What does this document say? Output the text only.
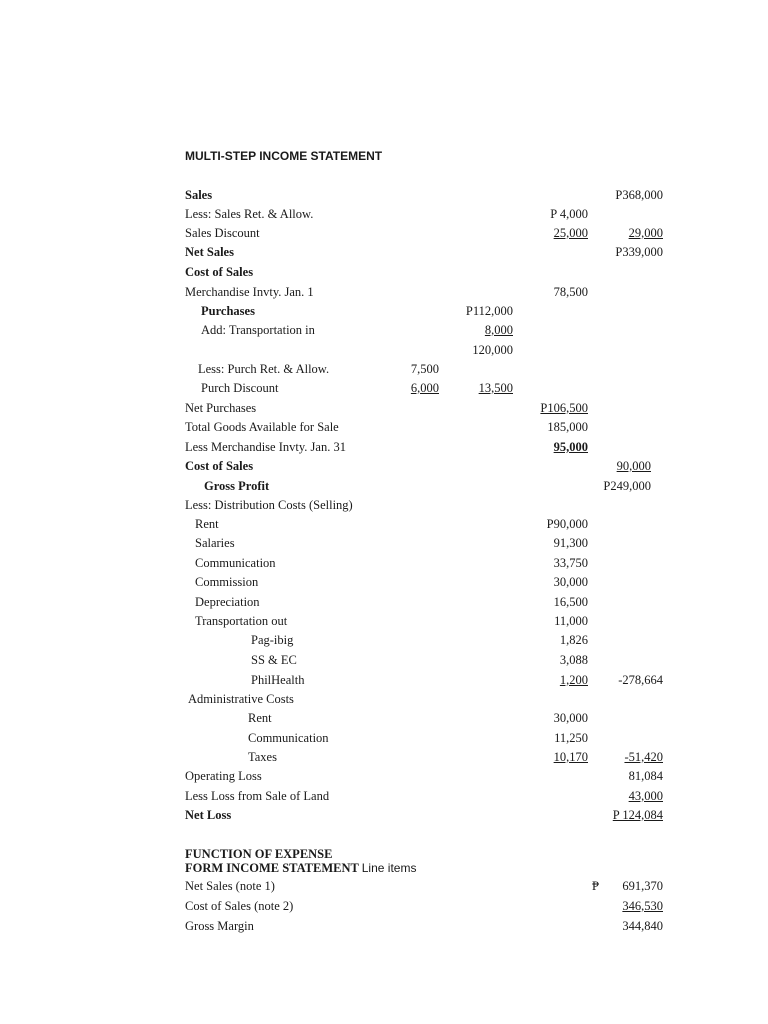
MULTI-STEP INCOME STATEMENT
Sales	P368,000
Less: Sales Ret. & Allow.	P 4,000
Sales Discount	25,000	29,000
Net Sales	P339,000
Cost of Sales
Merchandise Invty. Jan. 1	78,500
Purchases	P112,000
Add: Transportation in	8,000
120,000
Less: Purch Ret. & Allow.	7,500
Purch Discount	6,000	13,500
Net Purchases	P106,500
Total Goods Available for Sale	185,000
Less Merchandise Invty. Jan. 31	95,000
Cost of Sales	90,000
Gross Profit	P249,000
Less: Distribution Costs (Selling)
Rent	P90,000
Salaries	91,300
Communication	33,750
Commission	30,000
Depreciation	16,500
Transportation out	11,000
Pag-ibig	1,826
SS & EC	3,088
PhilHealth	1,200 -278,664
Administrative Costs
Rent	30,000
Communication	11,250
Taxes	10,170	-51,420
Operating Loss	81,084
Less Loss from Sale of Land	43,000
Net Loss	P 124,084
FUNCTION OF EXPENSE
FORM INCOME STATEMENT Line items
Net Sales (note 1)	₱ 691,370
Cost of Sales (note 2)	346,530
Gross Margin	344,840
